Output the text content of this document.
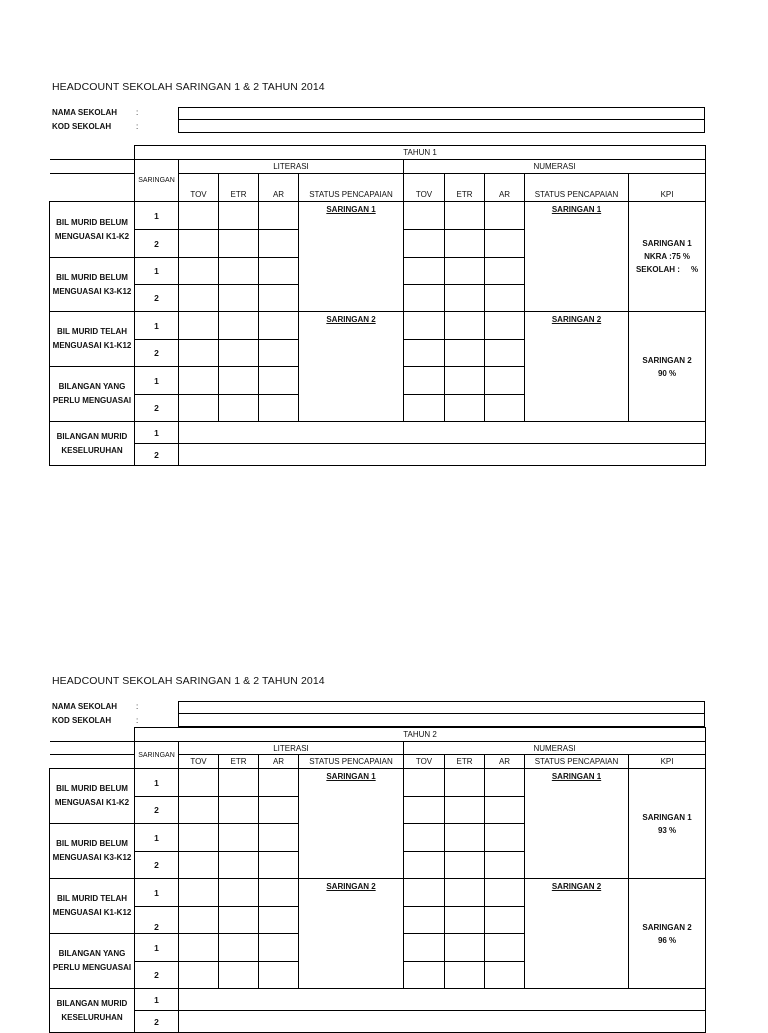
HEADCOUNT SEKOLAH SARINGAN 1 & 2 TAHUN 2014
NAMA SEKOLAH :
KOD SEKOLAH	:
	TAHUN 1									
	SARINGAN	LITERASI				NUMERASI				
		TOV	ETR	AR	STATUS PENCAPAIAN	TOV	ETR	AR	STATUS PENCAPAIAN	KPI
BIL MURID BELUM MENGUASAI K1-K2	1				SARINGAN 1				SARINGAN 1	SARINGAN 1
NKRA :75 %
SEKOLAH :     %

	2									
BIL MURID BELUM MENGUASAI K3-K12	1									
	2									
BIL MURID TELAH MENGUASAI K1-K12	1				SARINGAN 2				SARINGAN 2	SARINGAN 2
90 %

	2									
BILANGAN YANG PERLU MENGUASAI	1									
	2									
BILANGAN MURID KESELURUHAN	1									
	2									
HEADCOUNT SEKOLAH SARINGAN 1 & 2 TAHUN 2014
NAMA SEKOLAH :
KOD SEKOLAH	:
	TAHUN 2									
	SARINGAN	LITERASI				NUMERASI				
		TOV	ETR	AR	STATUS PENCAPAIAN	TOV	ETR	AR	STATUS PENCAPAIAN	KPI
BIL MURID BELUM MENGUASAI K1-K2	1				SARINGAN 1				SARINGAN 1	SARINGAN 1
93 %

	2									
BIL MURID BELUM MENGUASAI K3-K12	1									
	2									
BIL MURID TELAH MENGUASAI K1-K12	1				SARINGAN 2				SARINGAN 2	SARINGAN 2
96 %

	2									
BILANGAN YANG PERLU MENGUASAI	1									
	2									
BILANGAN MURID KESELURUHAN	1									
	2									
